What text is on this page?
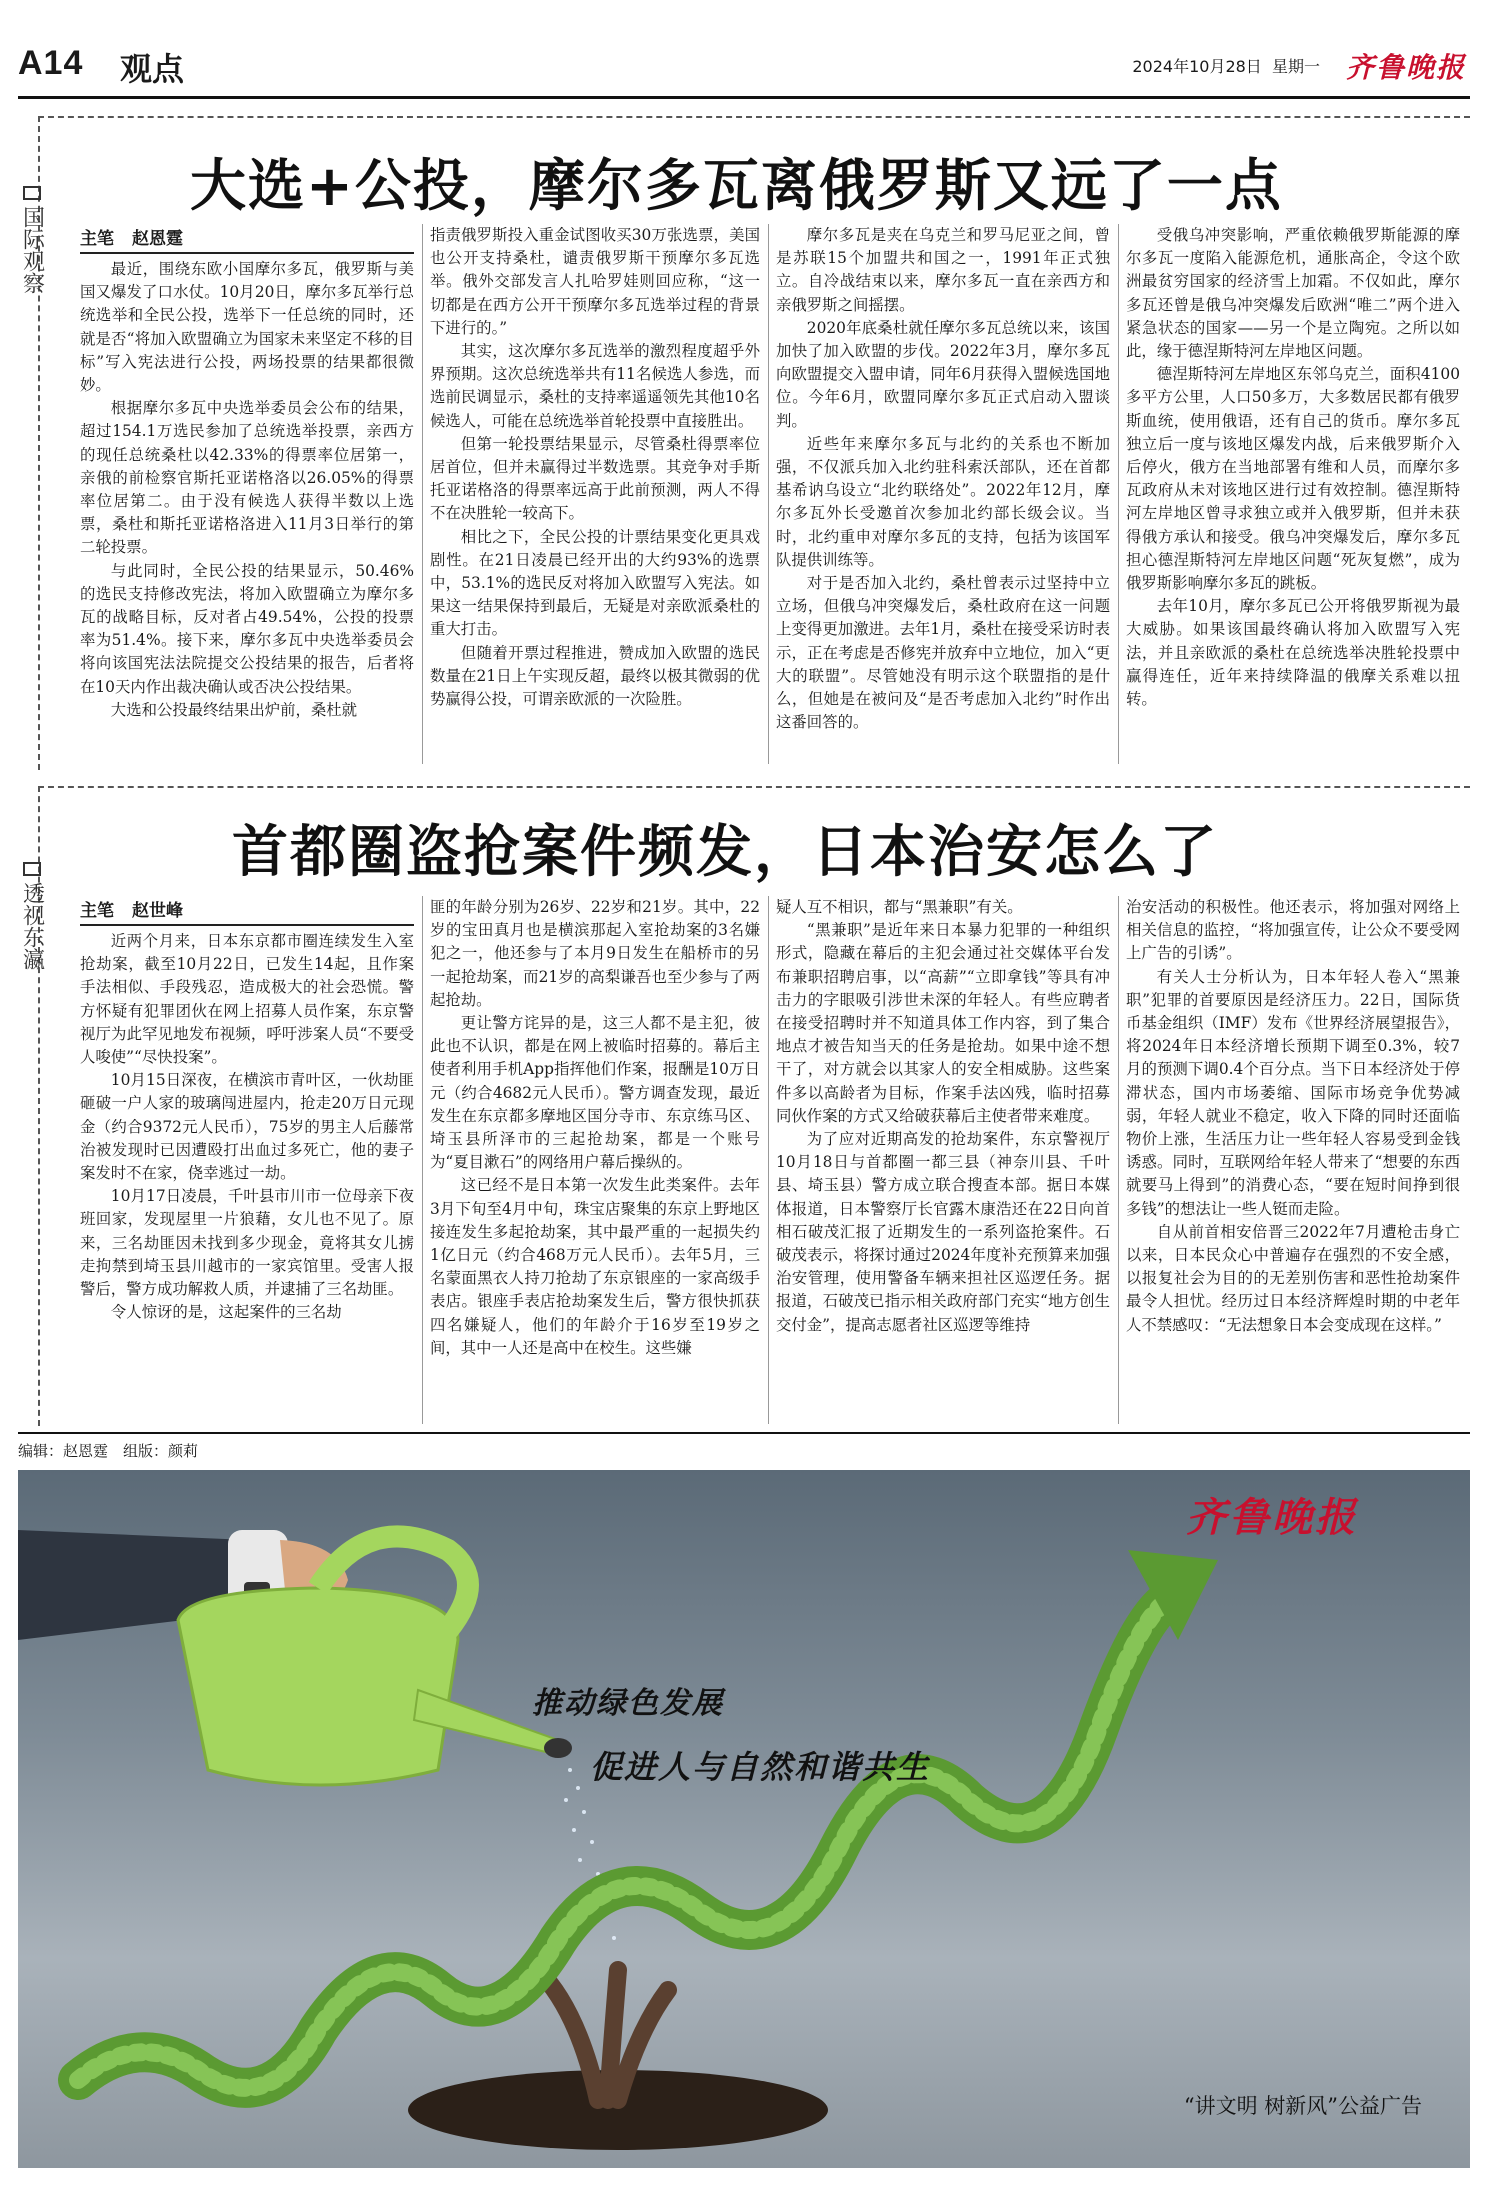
A14 观点	2024年10月28日 星期一 齐鲁晚报
国际观察
大选+公投，摩尔多瓦离俄罗斯又远了一点
主笔 赵恩霆

最近，围绕东欧小国摩尔多瓦，俄罗斯与美国又爆发了口水仗。10月20日，摩尔多瓦举行总统选举和全民公投，选举下一任总统的同时，还就是否“将加入欧盟确立为国家未来坚定不移的目标”写入宪法进行公投，两场投票的结果都很微妙。

根据摩尔多瓦中央选举委员会公布的结果，超过154.1万选民参加了总统选举投票，亲西方的现任总统桑杜以42.33%的得票率位居第一，亲俄的前检察官斯托亚诺格洛以26.05%的得票率位居第二。由于没有候选人获得半数以上选票，桑杜和斯托亚诺格洛进入11月3日举行的第二轮投票。

与此同时，全民公投的结果显示，50.46%的选民支持修改宪法，将加入欧盟确立为摩尔多瓦的战略目标，反对者占49.54%，公投的投票率为51.4%。接下来，摩尔多瓦中央选举委员会将向该国宪法法院提交公投结果的报告，后者将在10天内作出裁决确认或否决公投结果。

大选和公投最终结果出炉前，桑杜就

指责俄罗斯投入重金试图收买30万张选票，美国也公开支持桑杜，谴责俄罗斯干预摩尔多瓦选举。俄外交部发言人扎哈罗娃则回应称，“这一切都是在西方公开干预摩尔多瓦选举过程的背景下进行的。”

其实，这次摩尔多瓦选举的激烈程度超乎外界预期。这次总统选举共有11名候选人参选，而选前民调显示，桑杜的支持率遥遥领先其他10名候选人，可能在总统选举首轮投票中直接胜出。

但第一轮投票结果显示，尽管桑杜得票率位居首位，但并未赢得过半数选票。其竞争对手斯托亚诺格洛的得票率远高于此前预测，两人不得不在决胜轮一较高下。

相比之下，全民公投的计票结果变化更具戏剧性。在21日凌晨已经开出的大约93%的选票中，53.1%的选民反对将加入欧盟写入宪法。如果这一结果保持到最后，无疑是对亲欧派桑杜的重大打击。

但随着开票过程推进，赞成加入欧盟的选民数量在21日上午实现反超，最终以极其微弱的优势赢得公投，可谓亲欧派的一次险胜。

摩尔多瓦是夹在乌克兰和罗马尼亚之间，曾是苏联15个加盟共和国之一，1991年正式独立。自冷战结束以来，摩尔多瓦一直在亲西方和亲俄罗斯之间摇摆。

2020年底桑杜就任摩尔多瓦总统以来，该国加快了加入欧盟的步伐。2022年3月，摩尔多瓦向欧盟提交入盟申请，同年6月获得入盟候选国地位。今年6月，欧盟同摩尔多瓦正式启动入盟谈判。

近些年来摩尔多瓦与北约的关系也不断加强，不仅派兵加入北约驻科索沃部队，还在首都基希讷乌设立“北约联络处”。2022年12月，摩尔多瓦外长受邀首次参加北约部长级会议。当时，北约重申对摩尔多瓦的支持，包括为该国军队提供训练等。

对于是否加入北约，桑杜曾表示过坚持中立立场，但俄乌冲突爆发后，桑杜政府在这一问题上变得更加激进。去年1月，桑杜在接受采访时表示，正在考虑是否修宪并放弃中立地位，加入“更大的联盟”。尽管她没有明示这个联盟指的是什么，但她是在被问及“是否考虑加入北约”时作出这番回答的。

受俄乌冲突影响，严重依赖俄罗斯能源的摩尔多瓦一度陷入能源危机，通胀高企，令这个欧洲最贫穷国家的经济雪上加霜。不仅如此，摩尔多瓦还曾是俄乌冲突爆发后欧洲“唯二”两个进入紧急状态的国家——另一个是立陶宛。之所以如此，缘于德涅斯特河左岸地区问题。

德涅斯特河左岸地区东邻乌克兰，面积4100多平方公里，人口50多万，大多数居民都有俄罗斯血统，使用俄语，还有自己的货币。摩尔多瓦独立后一度与该地区爆发内战，后来俄罗斯介入后停火，俄方在当地部署有维和人员，而摩尔多瓦政府从未对该地区进行过有效控制。德涅斯特河左岸地区曾寻求独立或并入俄罗斯，但并未获得俄方承认和接受。俄乌冲突爆发后，摩尔多瓦担心德涅斯特河左岸地区问题“死灰复燃”，成为俄罗斯影响摩尔多瓦的跳板。

去年10月，摩尔多瓦已公开将俄罗斯视为最大威胁。如果该国最终确认将加入欧盟写入宪法，并且亲欧派的桑杜在总统选举决胜轮投票中赢得连任，近年来持续降温的俄摩关系难以扭转。

透视东瀛
首都圈盗抢案件频发，日本治安怎么了
主笔 赵世峰

近两个月来，日本东京都市圈连续发生入室抢劫案，截至10月22日，已发生14起，且作案手法相似、手段残忍，造成极大的社会恐慌。警方怀疑有犯罪团伙在网上招募人员作案，东京警视厅为此罕见地发布视频，呼吁涉案人员“不要受人唆使”“尽快投案”。

10月15日深夜，在横滨市青叶区，一伙劫匪砸破一户人家的玻璃闯进屋内，抢走20万日元现金（约合9372元人民币），75岁的男主人后藤常治被发现时已因遭殴打出血过多死亡，他的妻子案发时不在家，侥幸逃过一劫。

10月17日凌晨，千叶县市川市一位母亲下夜班回家，发现屋里一片狼藉，女儿也不见了。原来，三名劫匪因未找到多少现金，竟将其女儿掳走拘禁到埼玉县川越市的一家宾馆里。受害人报警后，警方成功解救人质，并逮捕了三名劫匪。

令人惊讶的是，这起案件的三名劫

匪的年龄分别为26岁、22岁和21岁。其中，22岁的宝田真月也是横滨那起入室抢劫案的3名嫌犯之一，他还参与了本月9日发生在船桥市的另一起抢劫案，而21岁的高梨谦吾也至少参与了两起抢劫。

更让警方诧异的是，这三人都不是主犯，彼此也不认识，都是在网上被临时招募的。幕后主使者利用手机App指挥他们作案，报酬是10万日元（约合4682元人民币）。警方调查发现，最近发生在东京都多摩地区国分寺市、东京练马区、埼玉县所泽市的三起抢劫案，都是一个账号为“夏目漱石”的网络用户幕后操纵的。

这已经不是日本第一次发生此类案件。去年3月下旬至4月中旬，珠宝店聚集的东京上野地区接连发生多起抢劫案，其中最严重的一起损失约1亿日元（约合468万元人民币）。去年5月，三名蒙面黑衣人持刀抢劫了东京银座的一家高级手表店。银座手表店抢劫案发生后，警方很快抓获四名嫌疑人，他们的年龄介于16岁至19岁之间，其中一人还是高中在校生。这些嫌

疑人互不相识，都与“黑兼职”有关。

“黑兼职”是近年来日本暴力犯罪的一种组织形式，隐藏在幕后的主犯会通过社交媒体平台发布兼职招聘启事，以“高薪”“立即拿钱”等具有冲击力的字眼吸引涉世未深的年轻人。有些应聘者在接受招聘时并不知道具体工作内容，到了集合地点才被告知当天的任务是抢劫。如果中途不想干了，对方就会以其家人的安全相威胁。这些案件多以高龄者为目标，作案手法凶残，临时招募同伙作案的方式又给破获幕后主使者带来难度。

为了应对近期高发的抢劫案件，东京警视厅10月18日与首都圈一都三县（神奈川县、千叶县、埼玉县）警方成立联合搜查本部。据日本媒体报道，日本警察厅长官露木康浩还在22日向首相石破茂汇报了近期发生的一系列盗抢案件。石破茂表示，将探讨通过2024年度补充预算来加强治安管理，使用警备车辆来担社区巡逻任务。据报道，石破茂已指示相关政府部门充实“地方创生交付金”，提高志愿者社区巡逻等维持

治安活动的积极性。他还表示，将加强对网络上相关信息的监控，“将加强宣传，让公众不要受网上广告的引诱”。

有关人士分析认为，日本年轻人卷入“黑兼职”犯罪的首要原因是经济压力。22日，国际货币基金组织（IMF）发布《世界经济展望报告》，将2024年日本经济增长预期下调至0.3%，较7月的预测下调0.4个百分点。当下日本经济处于停滞状态，国内市场萎缩、国际市场竞争优势减弱，年轻人就业不稳定，收入下降的同时还面临物价上涨，生活压力让一些年轻人容易受到金钱诱惑。同时，互联网给年轻人带来了“想要的东西就要马上得到”的消费心态，“要在短时间挣到很多钱”的想法让一些人铤而走险。

自从前首相安倍晋三2022年7月遭枪击身亡以来，日本民众心中普遍存在强烈的不安全感，以报复社会为目的的无差别伤害和恶性抢劫案件最令人担忧。经历过日本经济辉煌时期的中老年人不禁感叹：“无法想象日本会变成现在这样。”

编辑：赵恩霆　组版：颜莉
齐鲁晚报
推动绿色发展
促进人与自然和谐共生
“讲文明 树新风”公益广告
